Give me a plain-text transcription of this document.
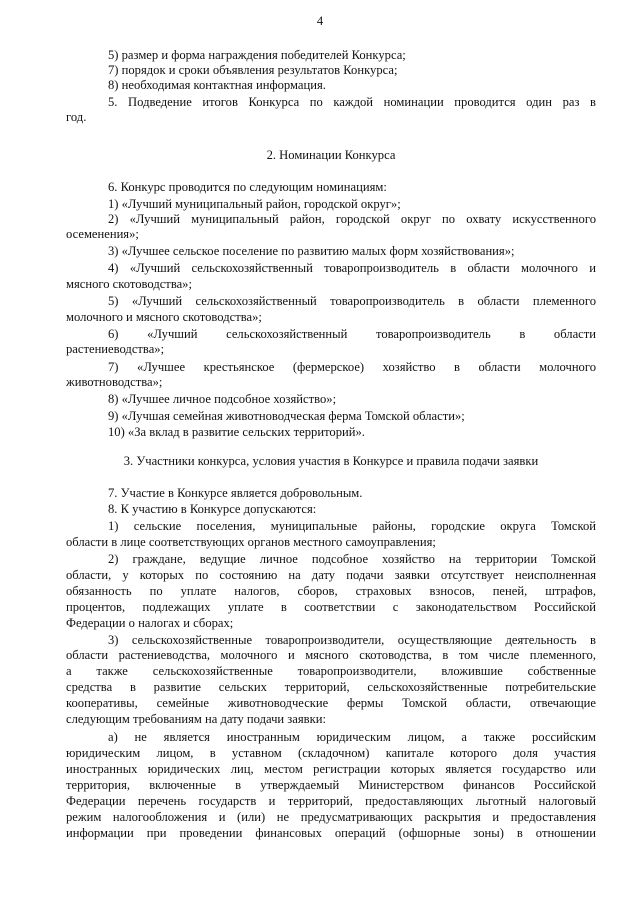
4
5) размер и форма награждения победителей Конкурса;
7) порядок и сроки объявления результатов Конкурса;
8) необходимая контактная информация.
5. Подведение итогов Конкурса по каждой номинации проводится один раз в
год.
2. Номинации Конкурса
6. Конкурс проводится по следующим номинациям:
1) «Лучший муниципальный район, городской округ»;
2) «Лучший муниципальный район, городской округ по охвату искусственного
осеменения»;
3) «Лучшее сельское поселение по развитию малых форм хозяйствования»;
4) «Лучший сельскохозяйственный товаропроизводитель в области молочного и
мясного скотоводства»;
5) «Лучший сельскохозяйственный товаропроизводитель в области племенного
молочного и мясного скотоводства»;
6) «Лучший сельскохозяйственный товаропроизводитель в области
растениеводства»;
7) «Лучшее крестьянское (фермерское) хозяйство в области молочного
животноводства»;
8) «Лучшее личное подсобное хозяйство»;
9) «Лучшая семейная животноводческая ферма Томской области»;
10) «За вклад в развитие сельских территорий».
3. Участники конкурса, условия участия в Конкурсе и правила подачи заявки
7. Участие в Конкурсе является добровольным.
8. К участию в Конкурсе допускаются:
1) сельские поселения, муниципальные районы, городские округа Томской
области в лице соответствующих органов местного самоуправления;
2) граждане, ведущие личное подсобное хозяйство на территории Томской
области, у которых по состоянию на дату подачи заявки отсутствует неисполненная
обязанность по уплате налогов, сборов, страховых взносов, пеней, штрафов,
процентов, подлежащих уплате в соответствии с законодательством Российской
Федерации о налогах и сборах;
3) сельскохозяйственные товаропроизводители, осуществляющие деятельность в
области растениеводства, молочного и мясного скотоводства, в том числе племенного,
а также сельскохозяйственные товаропроизводители, вложившие собственные
средства в развитие сельских территорий, сельскохозяйственные потребительские
кооперативы, семейные животноводческие фермы Томской области, отвечающие
следующим требованиям на дату подачи заявки:
а) не является иностранным юридическим лицом, а также российским
юридическим лицом, в уставном (складочном) капитале которого доля участия
иностранных юридических лиц, местом регистрации которых является государство или
территория, включенные в утверждаемый Министерством финансов Российской
Федерации перечень государств и территорий, предоставляющих льготный налоговый
режим налогообложения и (или) не предусматривающих раскрытия и предоставления
информации при проведении финансовых операций (офшорные зоны) в отношении
